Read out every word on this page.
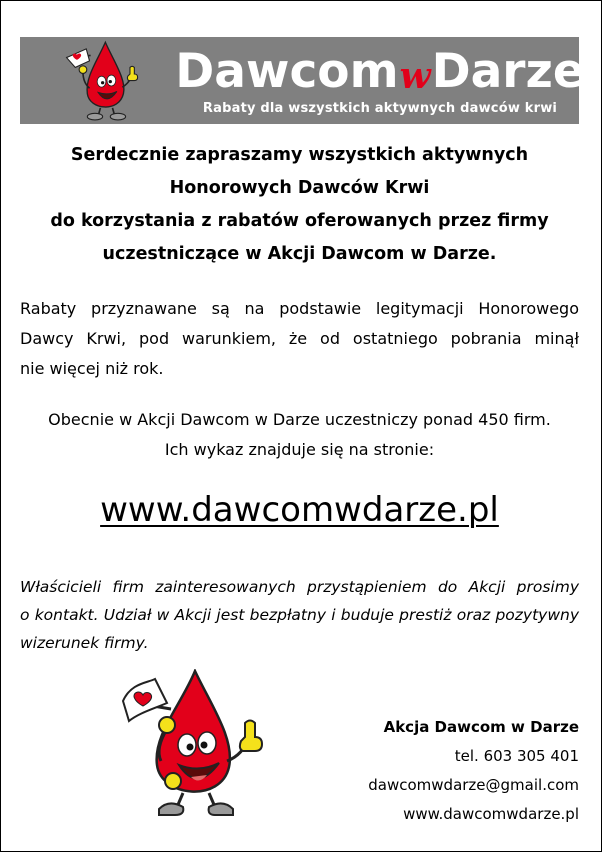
Dawcom w Darze
Rabaty dla wszystkich aktywnych dawców krwi
Serdecznie zapraszamy wszystkich aktywnych
Honorowych Dawców Krwi
do korzystania z rabatów oferowanych przez firmy
uczestniczące w Akcji Dawcom w Darze.
Rabaty przyznawane są na podstawie legitymacji Honorowego
Dawcy Krwi, pod warunkiem, że od ostatniego pobrania minął
nie więcej niż rok.
Obecnie w Akcji Dawcom w Darze uczestniczy ponad 450 firm.
Ich wykaz znajduje się na stronie:
www.dawcomwdarze.pl
Właścicieli firm zainteresowanych przystąpieniem do Akcji prosimy
o kontakt. Udział w Akcji jest bezpłatny i buduje prestiż oraz pozytywny
wizerunek firmy.
Akcja Dawcom w Darze
tel. 603 305 401
dawcomwdarze@gmail.com
www.dawcomwdarze.pl
